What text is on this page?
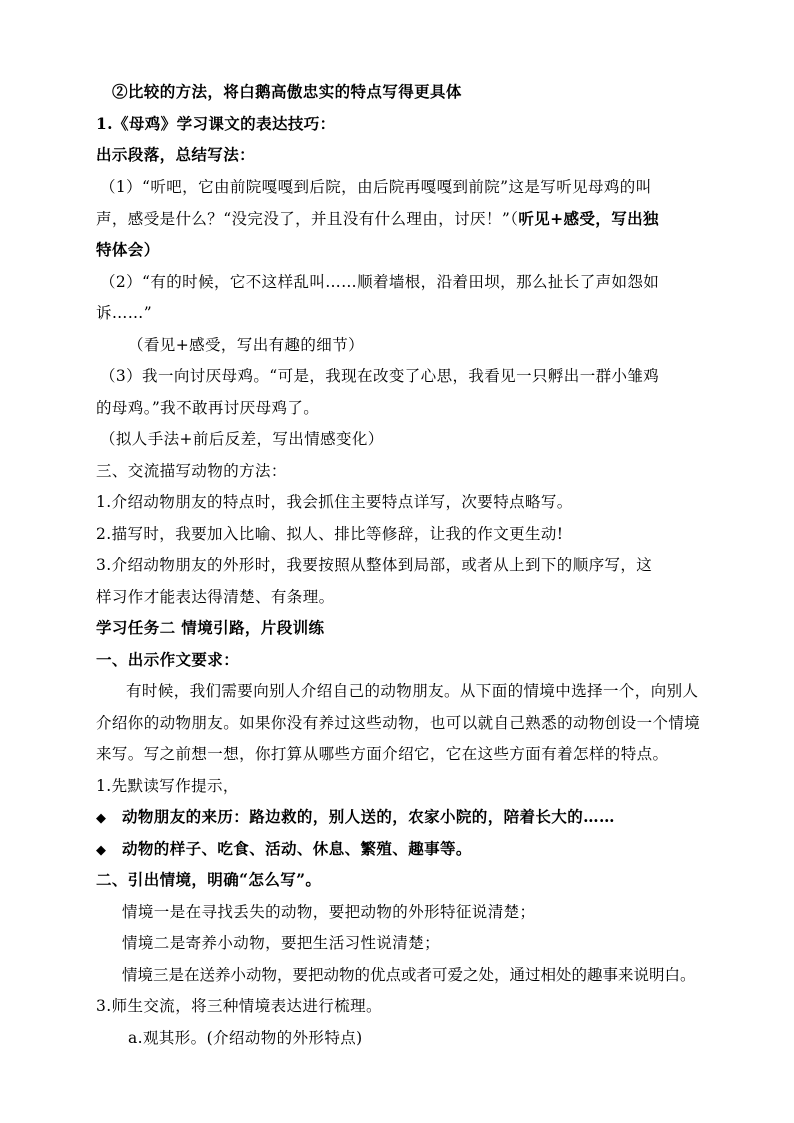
②比较的方法，将白鹅高傲忠实的特点写得更具体
1.《母鸡》学习课文的表达技巧：
出示段落，总结写法：
（1）“听吧，它由前院嘎嘎到后院，由后院再嘎嘎到前院”这是写听见母鸡的叫
声，感受是什么？“没完没了，并且没有什么理由，讨厌！”（听见+感受，写出独
特体会）
（2）“有的时候，它不这样乱叫……顺着墙根，沿着田坝，那么扯长了声如怨如
诉……”
（看见+感受，写出有趣的细节）
（3）我一向讨厌母鸡。“可是，我现在改变了心思，我看见一只孵出一群小雏鸡
的母鸡。”我不敢再讨厌母鸡了。
（拟人手法+前后反差，写出情感变化）
三、交流描写动物的方法：
1.介绍动物朋友的特点时，我会抓住主要特点详写，次要特点略写。
2.描写时，我要加入比喻、拟人、排比等修辞，让我的作文更生动!
3.介绍动物朋友的外形时，我要按照从整体到局部，或者从上到下的顺序写，这
样习作才能表达得清楚、有条理。
学习任务二 情境引路，片段训练
一、出示作文要求：
有时候，我们需要向别人介绍自己的动物朋友。从下面的情境中选择一个，向别人
介绍你的动物朋友。如果你没有养过这些动物，也可以就自己熟悉的动物创设一个情境
来写。写之前想一想，你打算从哪些方面介绍它，它在这些方面有着怎样的特点。
1.先默读写作提示，
◆ 动物朋友的来历：路边救的，别人送的，农家小院的，陪着长大的……
◆ 动物的样子、吃食、活动、休息、繁殖、趣事等。
二、引出情境，明确“怎么写”。
情境一是在寻找丢失的动物，要把动物的外形特征说清楚；
情境二是寄养小动物，要把生活习性说清楚；
情境三是在送养小动物，要把动物的优点或者可爱之处，通过相处的趣事来说明白。
3.师生交流，将三种情境表达进行梳理。
a.观其形。(介绍动物的外形特点)
